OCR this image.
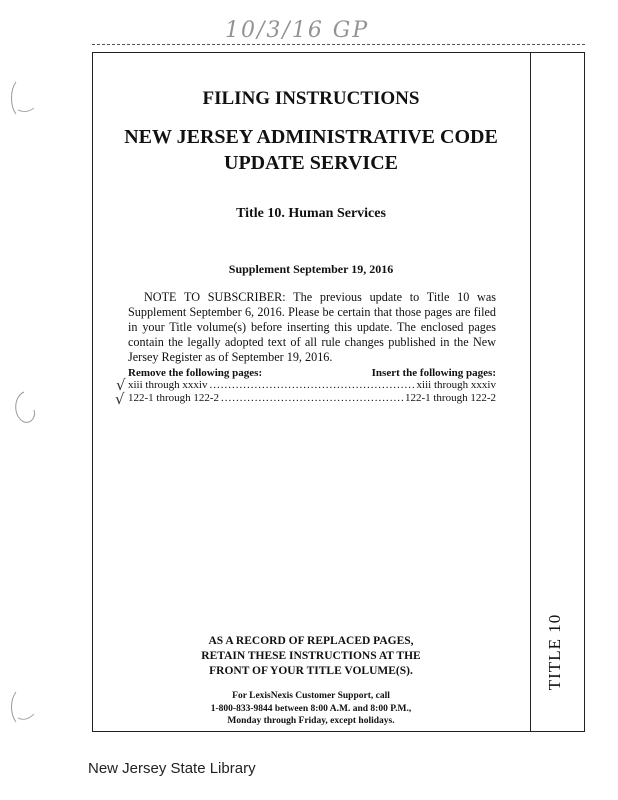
10/3/16 GP
TITLE 10
FILING INSTRUCTIONS
NEW JERSEY ADMINISTRATIVE CODE
UPDATE SERVICE
Title 10. Human Services
Supplement September 19, 2016
NOTE TO SUBSCRIBER: The previous update to Title 10 was Supplement September 6, 2016. Please be certain that those pages are filed in your Title volume(s) before inserting this update. The enclosed pages contain the legally adopted text of all rule changes published in the New Jersey Register as of September 19, 2016.
Remove the following pages:	Insert the following pages:
√
√
xiii through xxxiv .....	xiii through xxxiv
122-1 through 122-2 .....	122-1 through 122-2
AS A RECORD OF REPLACED PAGES,
RETAIN THESE INSTRUCTIONS AT THE
FRONT OF YOUR TITLE VOLUME(S).
For LexisNexis Customer Support, call
1-800-833-9844 between 8:00 A.M. and 8:00 P.M.,
Monday through Friday, except holidays.
New Jersey State Library
